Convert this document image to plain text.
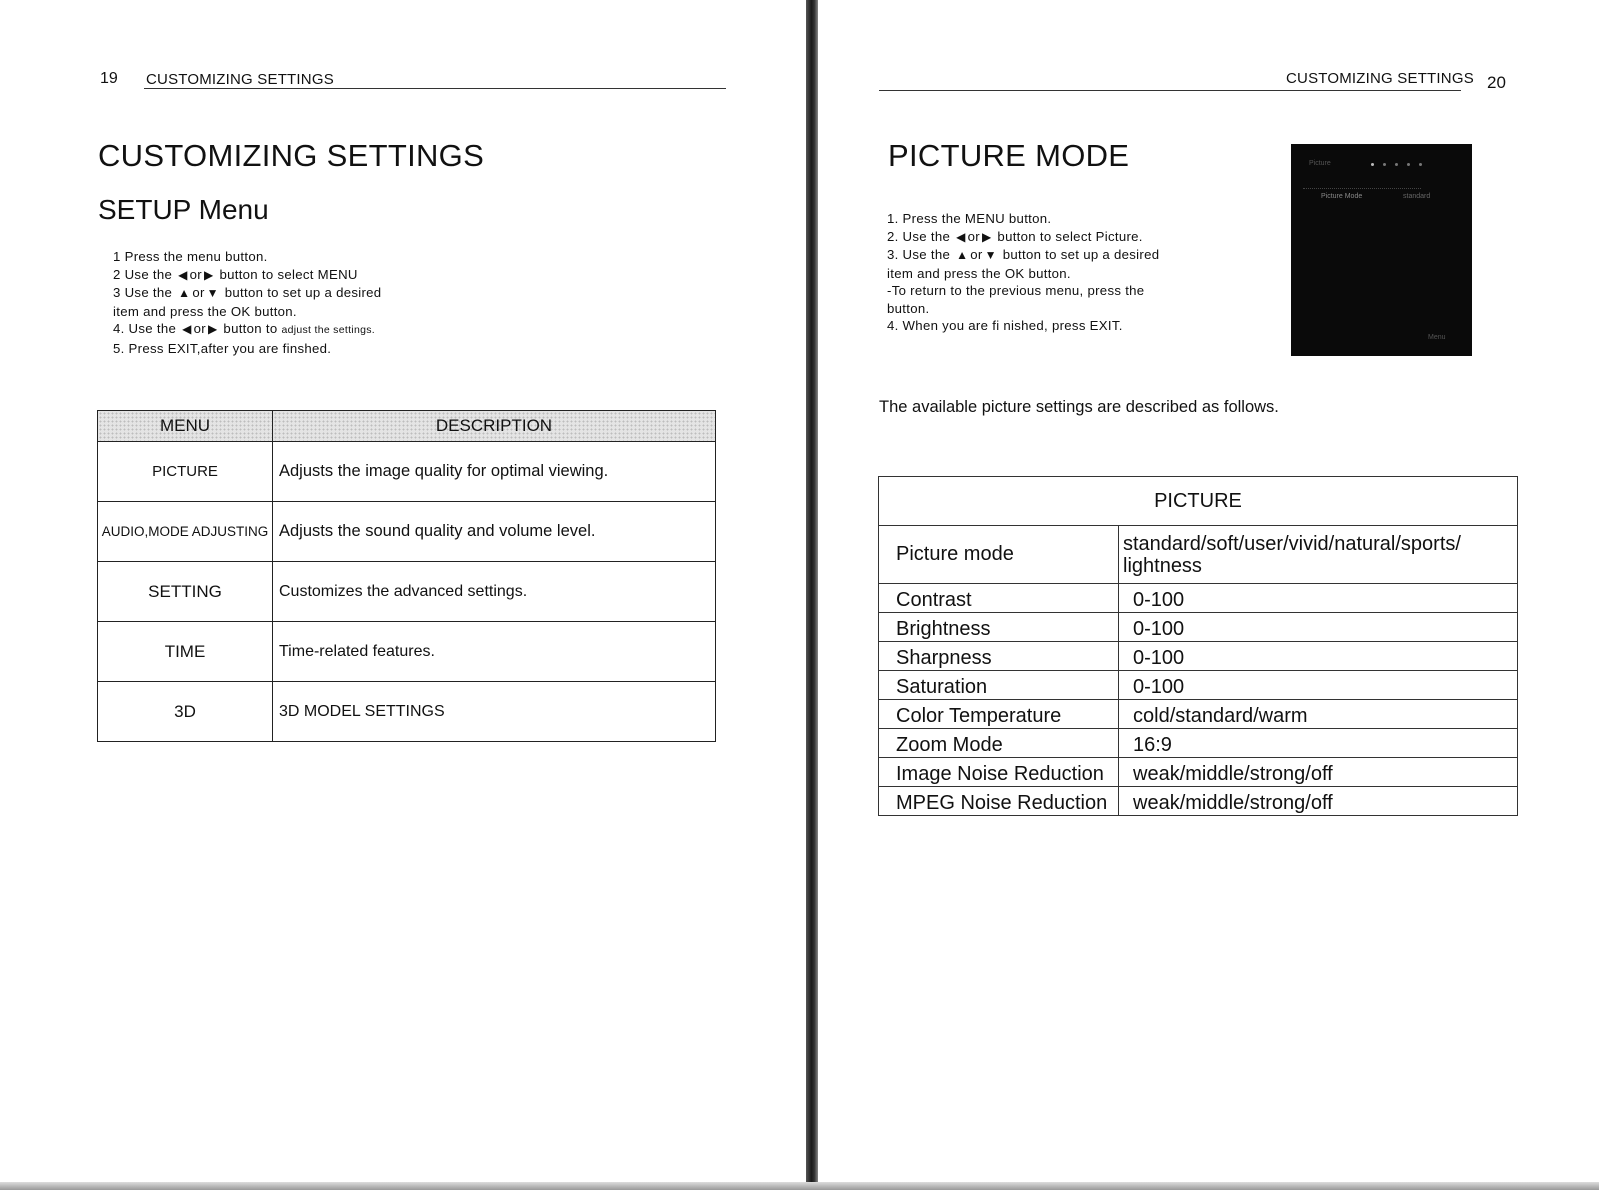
19 CUSTOMIZING SETTINGS
CUSTOMIZING SETTINGS
SETUP Menu
1 Press the menu button.
2 Use the ◀ or ▶ button to select MENU
3 Use the ▲ or ▼ button to set up a desired
item and press the OK button.
4. Use the ◀ or ▶ button to adjust the settings.
5. Press EXIT,after you are finshed.
MENU	DESCRIPTION
PICTURE	Adjusts the image quality for optimal viewing.
AUDIO,MODE ADJUSTING	Adjusts the sound quality and volume level.
SETTING	Customizes the advanced settings.
TIME	Time-related features.
3D	3D MODEL SETTINGS
CUSTOMIZING SETTINGS 20
PICTURE MODE
1. Press the MENU button.
2. Use the ◀ or ▶ button to select Picture.
3. Use the ▲ or ▼ button to set up a desired
item and press the OK button.
-To return to the previous menu, press the
button.
4. When you are fi nished, press EXIT.
Picture
Picture Mode	standard
Menu
The available picture settings are described as follows.
PICTURE	
Picture mode	standard/soft/user/vivid/natural/sports/
lightness

Contrast	0-100
Brightness	0-100
Sharpness	0-100
Saturation	0-100
Color Temperature	cold/standard/warm
Zoom Mode	16:9
Image Noise Reduction	weak/middle/strong/off
MPEG Noise Reduction	weak/middle/strong/off
